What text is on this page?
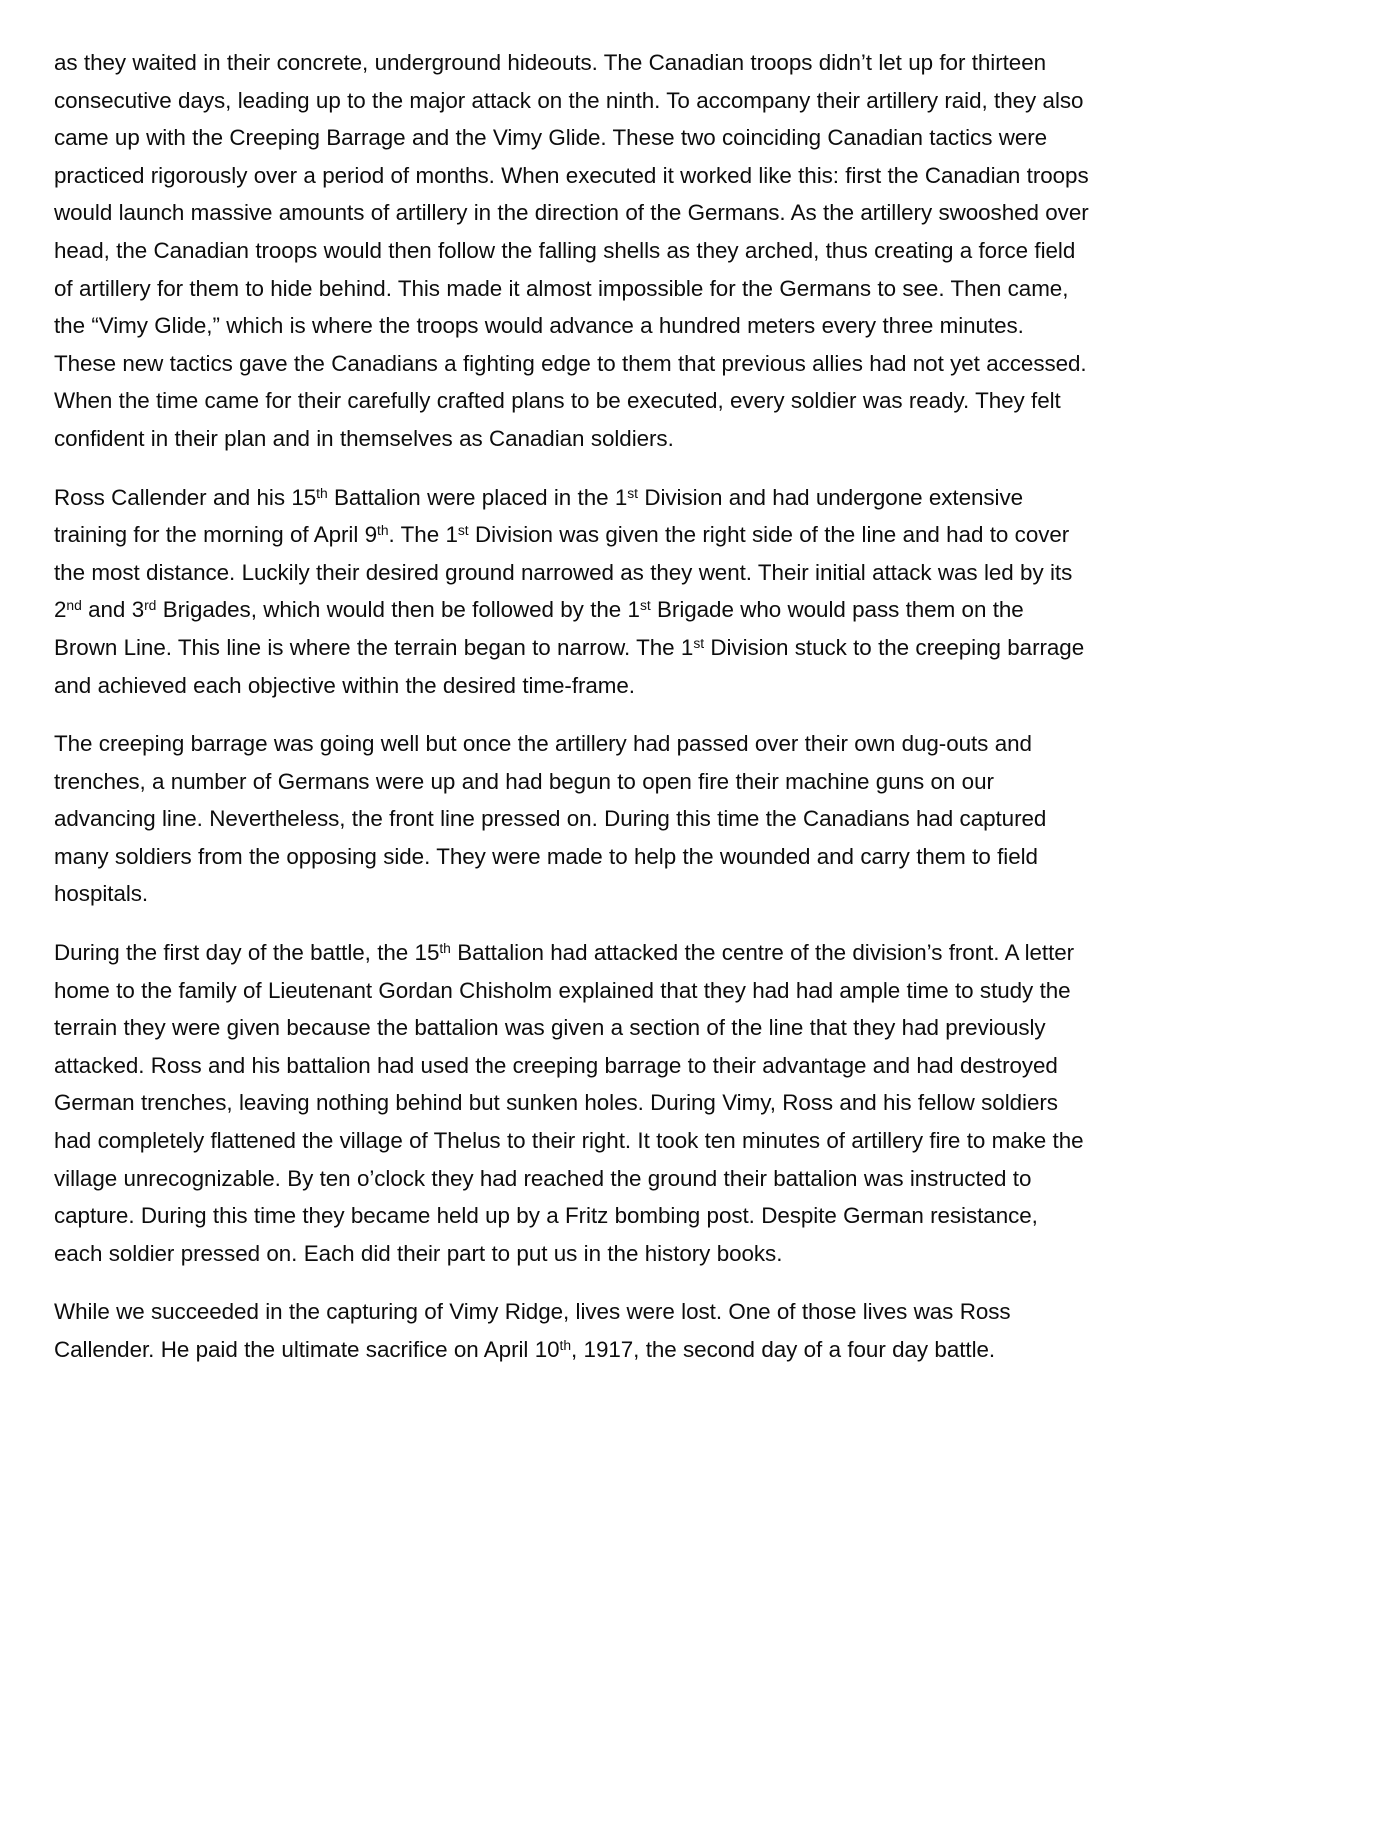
as they waited in their concrete, underground hideouts. The Canadian troops didn’t let up for thirteen consecutive days, leading up to the major attack on the ninth. To accompany their artillery raid, they also came up with the Creeping Barrage and the Vimy Glide. These two coinciding Canadian tactics were practiced rigorously over a period of months. When executed it worked like this: first the Canadian troops would launch massive amounts of artillery in the direction of the Germans. As the artillery swooshed over head, the Canadian troops would then follow the falling shells as they arched, thus creating a force field of artillery for them to hide behind. This made it almost impossible for the Germans to see. Then came, the “Vimy Glide,” which is where the troops would advance a hundred meters every three minutes. These new tactics gave the Canadians a fighting edge to them that previous allies had not yet accessed. When the time came for their carefully crafted plans to be executed, every soldier was ready. They felt confident in their plan and in themselves as Canadian soldiers.

Ross Callender and his 15th Battalion were placed in the 1st Division and had undergone extensive training for the morning of April 9th. The 1st Division was given the right side of the line and had to cover the most distance. Luckily their desired ground narrowed as they went. Their initial attack was led by its 2nd and 3rd Brigades, which would then be followed by the 1st Brigade who would pass them on the Brown Line. This line is where the terrain began to narrow. The 1st Division stuck to the creeping barrage and achieved each objective within the desired time-frame.

The creeping barrage was going well but once the artillery had passed over their own dug-outs and trenches, a number of Germans were up and had begun to open fire their machine guns on our advancing line. Nevertheless, the front line pressed on. During this time the Canadians had captured many soldiers from the opposing side. They were made to help the wounded and carry them to field hospitals.

During the first day of the battle, the 15th Battalion had attacked the centre of the division’s front. A letter home to the family of Lieutenant Gordan Chisholm explained that they had had ample time to study the terrain they were given because the battalion was given a section of the line that they had previously attacked. Ross and his battalion had used the creeping barrage to their advantage and had destroyed German trenches, leaving nothing behind but sunken holes. During Vimy, Ross and his fellow soldiers had completely flattened the village of Thelus to their right. It took ten minutes of artillery fire to make the village unrecognizable. By ten o’clock they had reached the ground their battalion was instructed to capture. During this time they became held up by a Fritz bombing post. Despite German resistance, each soldier pressed on. Each did their part to put us in the history books.

While we succeeded in the capturing of Vimy Ridge, lives were lost. One of those lives was Ross Callender. He paid the ultimate sacrifice on April 10th, 1917, the second day of a four day battle.
